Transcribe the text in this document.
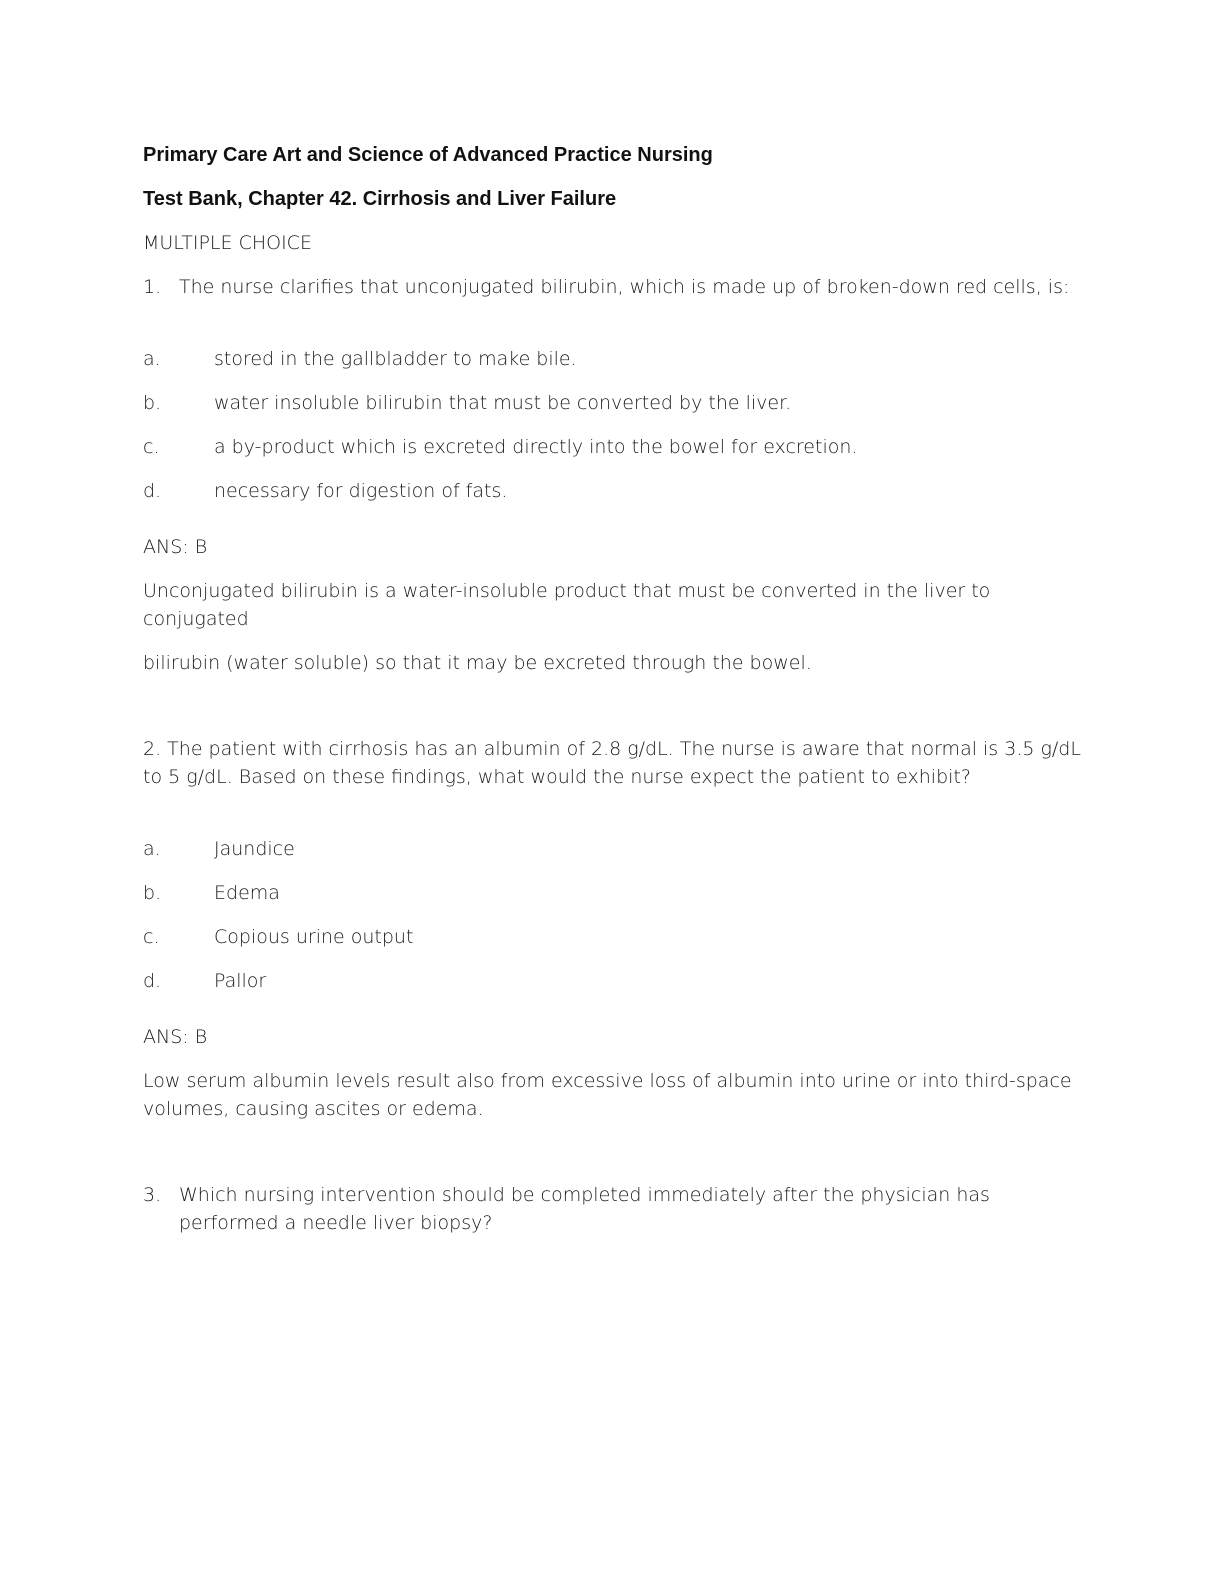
Primary Care Art and Science of Advanced Practice Nursing

Test Bank, Chapter 42. Cirrhosis and Liver Failure

MULTIPLE CHOICE

1. The nurse clarifies that unconjugated bilirubin, which is made up of broken-down red cells, is:
a.	stored in the gallbladder to make bile.
b.	water insoluble bilirubin that must be converted by the liver.
c.	a by-product which is excreted directly into the bowel for excretion.
d.	necessary for digestion of fats.
ANS: B
Unconjugated bilirubin is a water-insoluble product that must be converted in the liver to conjugated
bilirubin (water soluble) so that it may be excreted through the bowel.
2. The patient with cirrhosis has an albumin of 2.8 g/dL. The nurse is aware that normal is 3.5 g/dL to 5 g/dL. Based on these findings, what would the nurse expect the patient to exhibit?
a.	Jaundice
b.	Edema
c.	Copious urine output
d.	Pallor
ANS: B
Low serum albumin levels result also from excessive loss of albumin into urine or into third-space volumes, causing ascites or edema.
3. Which nursing intervention should be completed immediately after the physician has performed a needle liver biopsy?
